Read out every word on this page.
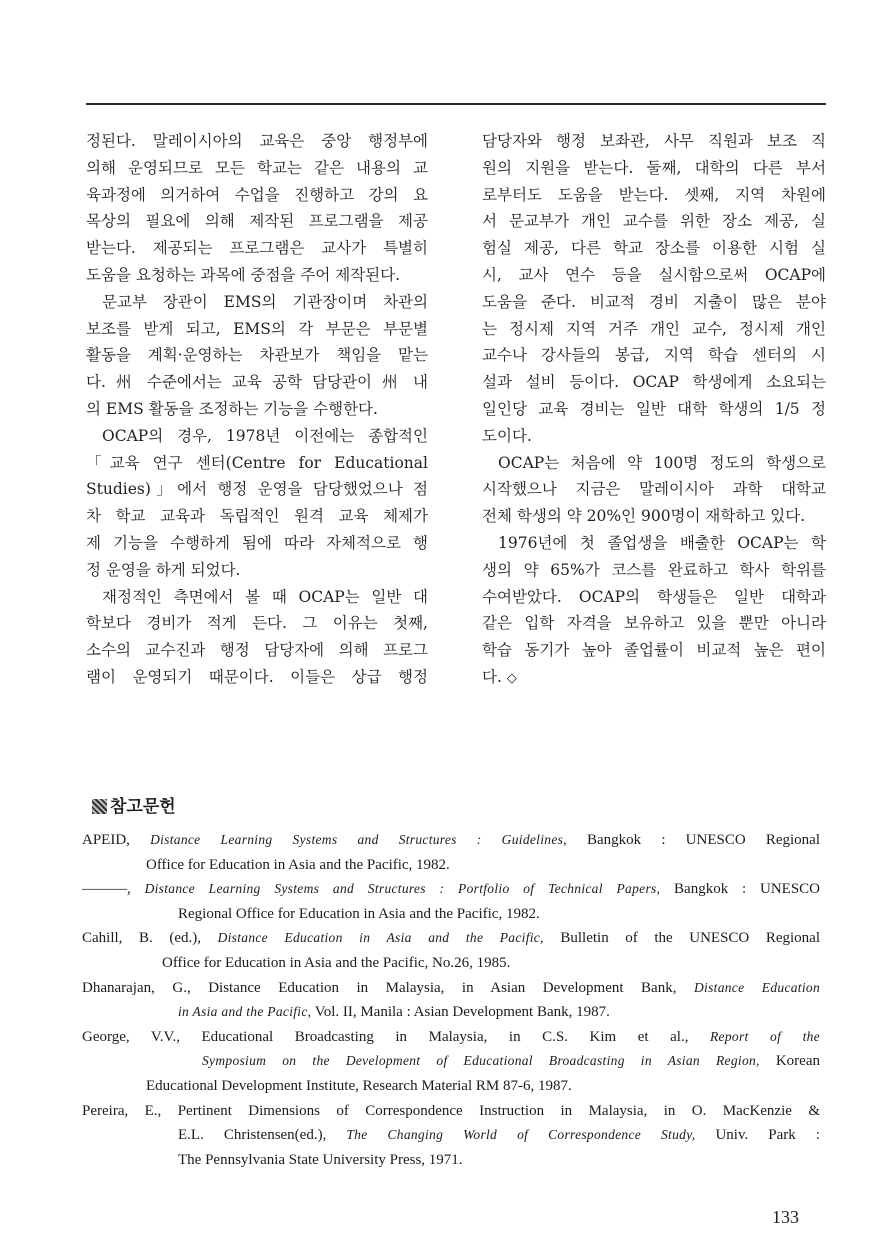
정된다. 말레이시아의 교육은 중앙 행정부에
의해 운영되므로 모든 학교는 같은 내용의 교
육과정에 의거하여 수업을 진행하고 강의 요
목상의 필요에 의해 제작된 프로그램을 제공
받는다. 제공되는 프로그램은 교사가 특별히
도움을 요청하는 과목에 중점을 주어 제작된다.

문교부 장관이 EMS의 기관장이며 차관의
보조를 받게 되고, EMS의 각 부문은 부문별
활동을 계획·운영하는 차관보가 책임을 맡는
다. 州 수준에서는 교육 공학 담당관이 州 내
의 EMS 활동을 조정하는 기능을 수행한다.

OCAP의 경우, 1978년 이전에는 종합적인
「교육 연구 센터(Centre for Educational
Studies)」에서 행정 운영을 담당했었으나 점
차 학교 교육과 독립적인 원격 교육 체제가
제 기능을 수행하게 됨에 따라 자체적으로 행
정 운영을 하게 되었다.

재정적인 측면에서 볼 때 OCAP는 일반 대
학보다 경비가 적게 든다. 그 이유는 첫째,
소수의 교수진과 행정 담당자에 의해 프로그
램이 운영되기 때문이다. 이들은 상급 행정

담당자와 행정 보좌관, 사무 직원과 보조 직
원의 지원을 받는다. 둘째, 대학의 다른 부서
로부터도 도움을 받는다. 셋째, 지역 차원에
서 문교부가 개인 교수를 위한 장소 제공, 실
험실 제공, 다른 학교 장소를 이용한 시험 실
시, 교사 연수 등을 실시함으로써 OCAP에
도움을 준다. 비교적 경비 지출이 많은 분야
는 정시제 지역 거주 개인 교수, 정시제 개인
교수나 강사들의 봉급, 지역 학습 센터의 시
설과 설비 등이다. OCAP 학생에게 소요되는
일인당 교육 경비는 일반 대학 학생의 1/5 정
도이다.

OCAP는 처음에 약 100명 정도의 학생으로
시작했으나 지금은 말레이시아 과학 대학교
전체 학생의 약 20%인 900명이 재학하고 있다.

1976년에 첫 졸업생을 배출한 OCAP는 학
생의 약 65%가 코스를 완료하고 학사 학위를
수여받았다. OCAP의 학생들은 일반 대학과
같은 입학 자격을 보유하고 있을 뿐만 아니라
학습 동기가 높아 졸업률이 비교적 높은 편이
다. ◇

참고문헌
APEID, Distance Learning Systems and Structures : Guidelines, Bangkok : UNESCO Regional
Office for Education in Asia and the Pacific, 1982.
———, Distance Learning Systems and Structures : Portfolio of Technical Papers, Bangkok : UNESCO
Regional Office for Education in Asia and the Pacific, 1982.
Cahill, B. (ed.), Distance Education in Asia and the Pacific, Bulletin of the UNESCO Regional
Office for Education in Asia and the Pacific, No.26, 1985.
Dhanarajan, G., Distance Education in Malaysia, in Asian Development Bank, Distance Education
in Asia and the Pacific, Vol. II, Manila : Asian Development Bank, 1987.
George, V.V., Educational Broadcasting in Malaysia, in C.S. Kim et al., Report of the
Symposium on the Development of Educational Broadcasting in Asian Region, Korean
Educational Development Institute, Research Material RM 87-6, 1987.
Pereira, E., Pertinent Dimensions of Correspondence Instruction in Malaysia, in O. MacKenzie &
E.L. Christensen(ed.), The Changing World of Correspondence Study, Univ. Park :
The Pennsylvania State University Press, 1971.
133
